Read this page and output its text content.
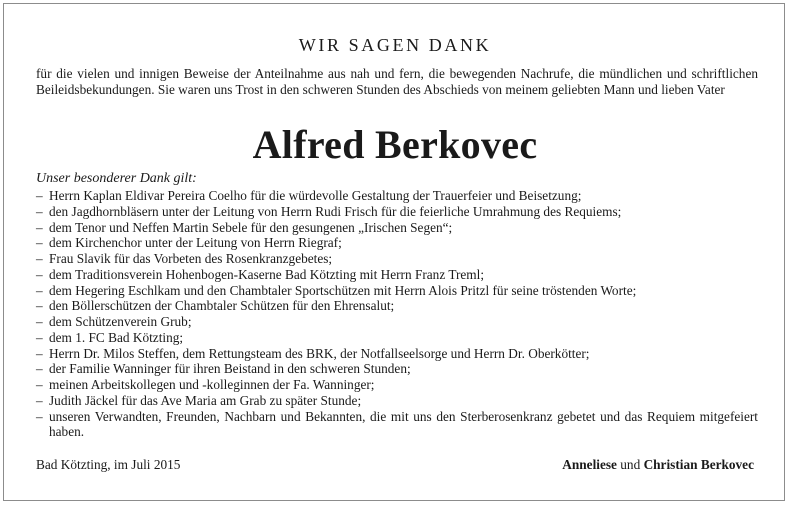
WIR SAGEN DANK

für die vielen und innigen Beweise der Anteilnahme aus nah und fern, die bewegenden Nachrufe, die mündlichen und schriftlichen Beileidsbekundungen. Sie waren uns Trost in den schweren Stunden des Abschieds von meinem geliebten Mann und lieben Vater

Alfred Berkovec
Unser besonderer Dank gilt:
– Herrn Kaplan Eldivar Pereira Coelho für die würdevolle Gestaltung der Trauerfeier und Beisetzung;
– den Jagdhornbläsern unter der Leitung von Herrn Rudi Frisch für die feierliche Umrahmung des Requiems;
– dem Tenor und Neffen Martin Sebele für den gesungenen „Irischen Segen“;
– dem Kirchenchor unter der Leitung von Herrn Riegraf;
– Frau Slavik für das Vorbeten des Rosenkranzgebetes;
– dem Traditionsverein Hohenbogen-Kaserne Bad Kötzting mit Herrn Franz Treml;
– dem Hegering Eschlkam und den Chambtaler Sportschützen mit Herrn Alois Pritzl für seine tröstenden Worte;
– den Böllerschützen der Chambtaler Schützen für den Ehrensalut;
– dem Schützenverein Grub;
– dem 1. FC Bad Kötzting;
– Herrn Dr. Milos Steffen, dem Rettungsteam des BRK, der Notfallseelsorge und Herrn Dr. Oberkötter;
– der Familie Wanninger für ihren Beistand in den schweren Stunden;
– meinen Arbeitskollegen und -kolleginnen der Fa. Wanninger;
– Judith Jäckel für das Ave Maria am Grab zu später Stunde;
– unseren Verwandten, Freunden, Nachbarn und Bekannten, die mit uns den Sterberosenkranz gebetet und das Requiem mitgefeiert haben.
Bad Kötzting, im Juli 2015	Anneliese und Christian Berkovec
